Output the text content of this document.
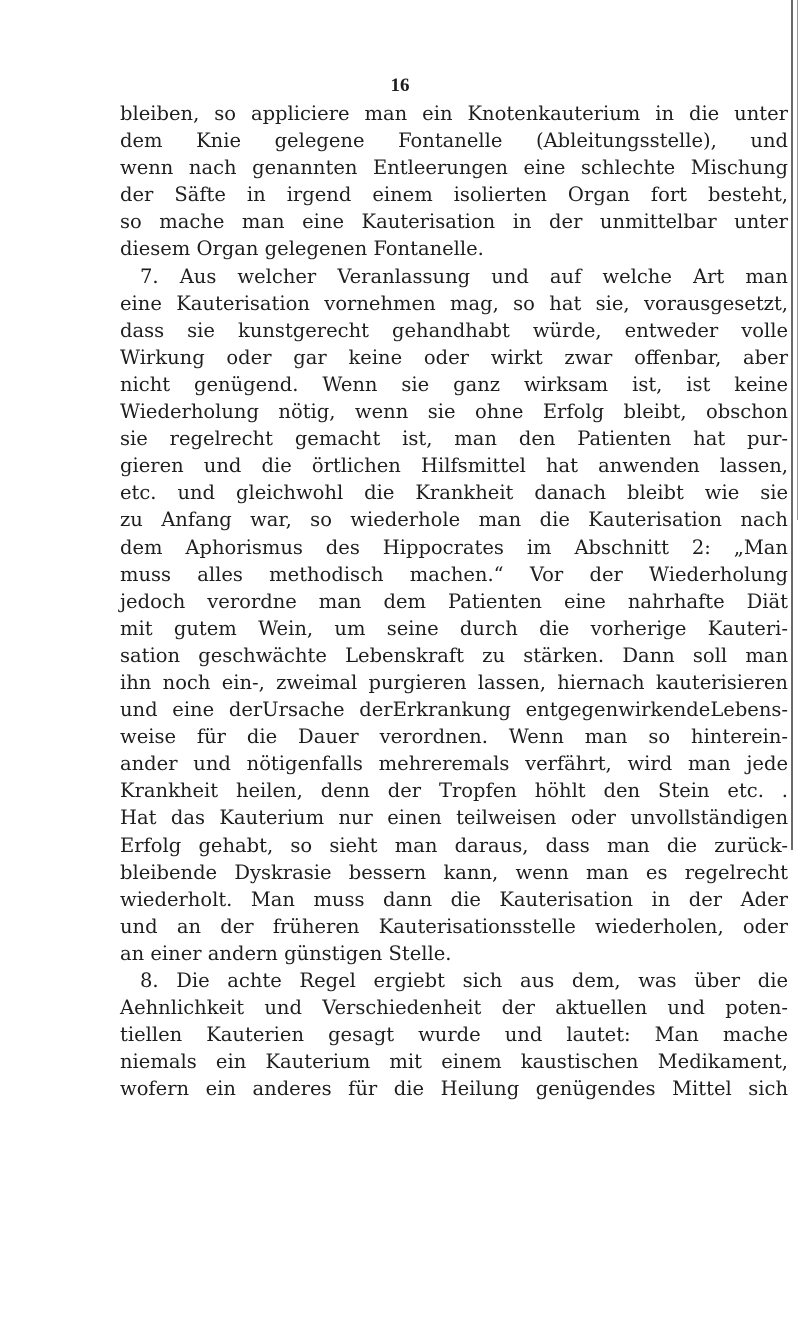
16
bleiben, so appliciere man ein Knotenkauterium in die unter
dem Knie gelegene Fontanelle (Ableitungsstelle), und
wenn nach genannten Entleerungen eine schlechte Mischung
der Säfte in irgend einem isolierten Organ fort besteht,
so mache man eine Kauterisation in der unmittelbar unter
diesem Organ gelegenen Fontanelle.
7. Aus welcher Veranlassung und auf welche Art man
eine Kauterisation vornehmen mag, so hat sie, vorausgesetzt,
dass sie kunstgerecht gehandhabt würde, entweder volle
Wirkung oder gar keine oder wirkt zwar offenbar, aber
nicht genügend. Wenn sie ganz wirksam ist, ist keine
Wiederholung nötig, wenn sie ohne Erfolg bleibt, obschon
sie regelrecht gemacht ist, man den Patienten hat pur-
gieren und die örtlichen Hilfsmittel hat anwenden lassen,
etc. und gleichwohl die Krankheit danach bleibt wie sie
zu Anfang war, so wiederhole man die Kauterisation nach
dem Aphorismus des Hippocrates im Abschnitt 2: „Man
muss alles methodisch machen.“ Vor der Wiederholung
jedoch verordne man dem Patienten eine nahrhafte Diät
mit gutem Wein, um seine durch die vorherige Kauteri-
sation geschwächte Lebenskraft zu stärken. Dann soll man
ihn noch ein-, zweimal purgieren lassen, hiernach kauterisieren
und eine derUrsache derErkrankung entgegenwirkendeLebens-
weise für die Dauer verordnen. Wenn man so hinterein-
ander und nötigenfalls mehreremals verfährt, wird man jede
Krankheit heilen, denn der Tropfen höhlt den Stein etc. .
Hat das Kauterium nur einen teilweisen oder unvollständigen
Erfolg gehabt, so sieht man daraus, dass man die zurück-
bleibende Dyskrasie bessern kann, wenn man es regelrecht
wiederholt. Man muss dann die Kauterisation in der Ader
und an der früheren Kauterisationsstelle wiederholen, oder
an einer andern günstigen Stelle.
8. Die achte Regel ergiebt sich aus dem, was über die
Aehnlichkeit und Verschiedenheit der aktuellen und poten-
tiellen Kauterien gesagt wurde und lautet: Man mache
niemals ein Kauterium mit einem kaustischen Medikament,
wofern ein anderes für die Heilung genügendes Mittel sich
